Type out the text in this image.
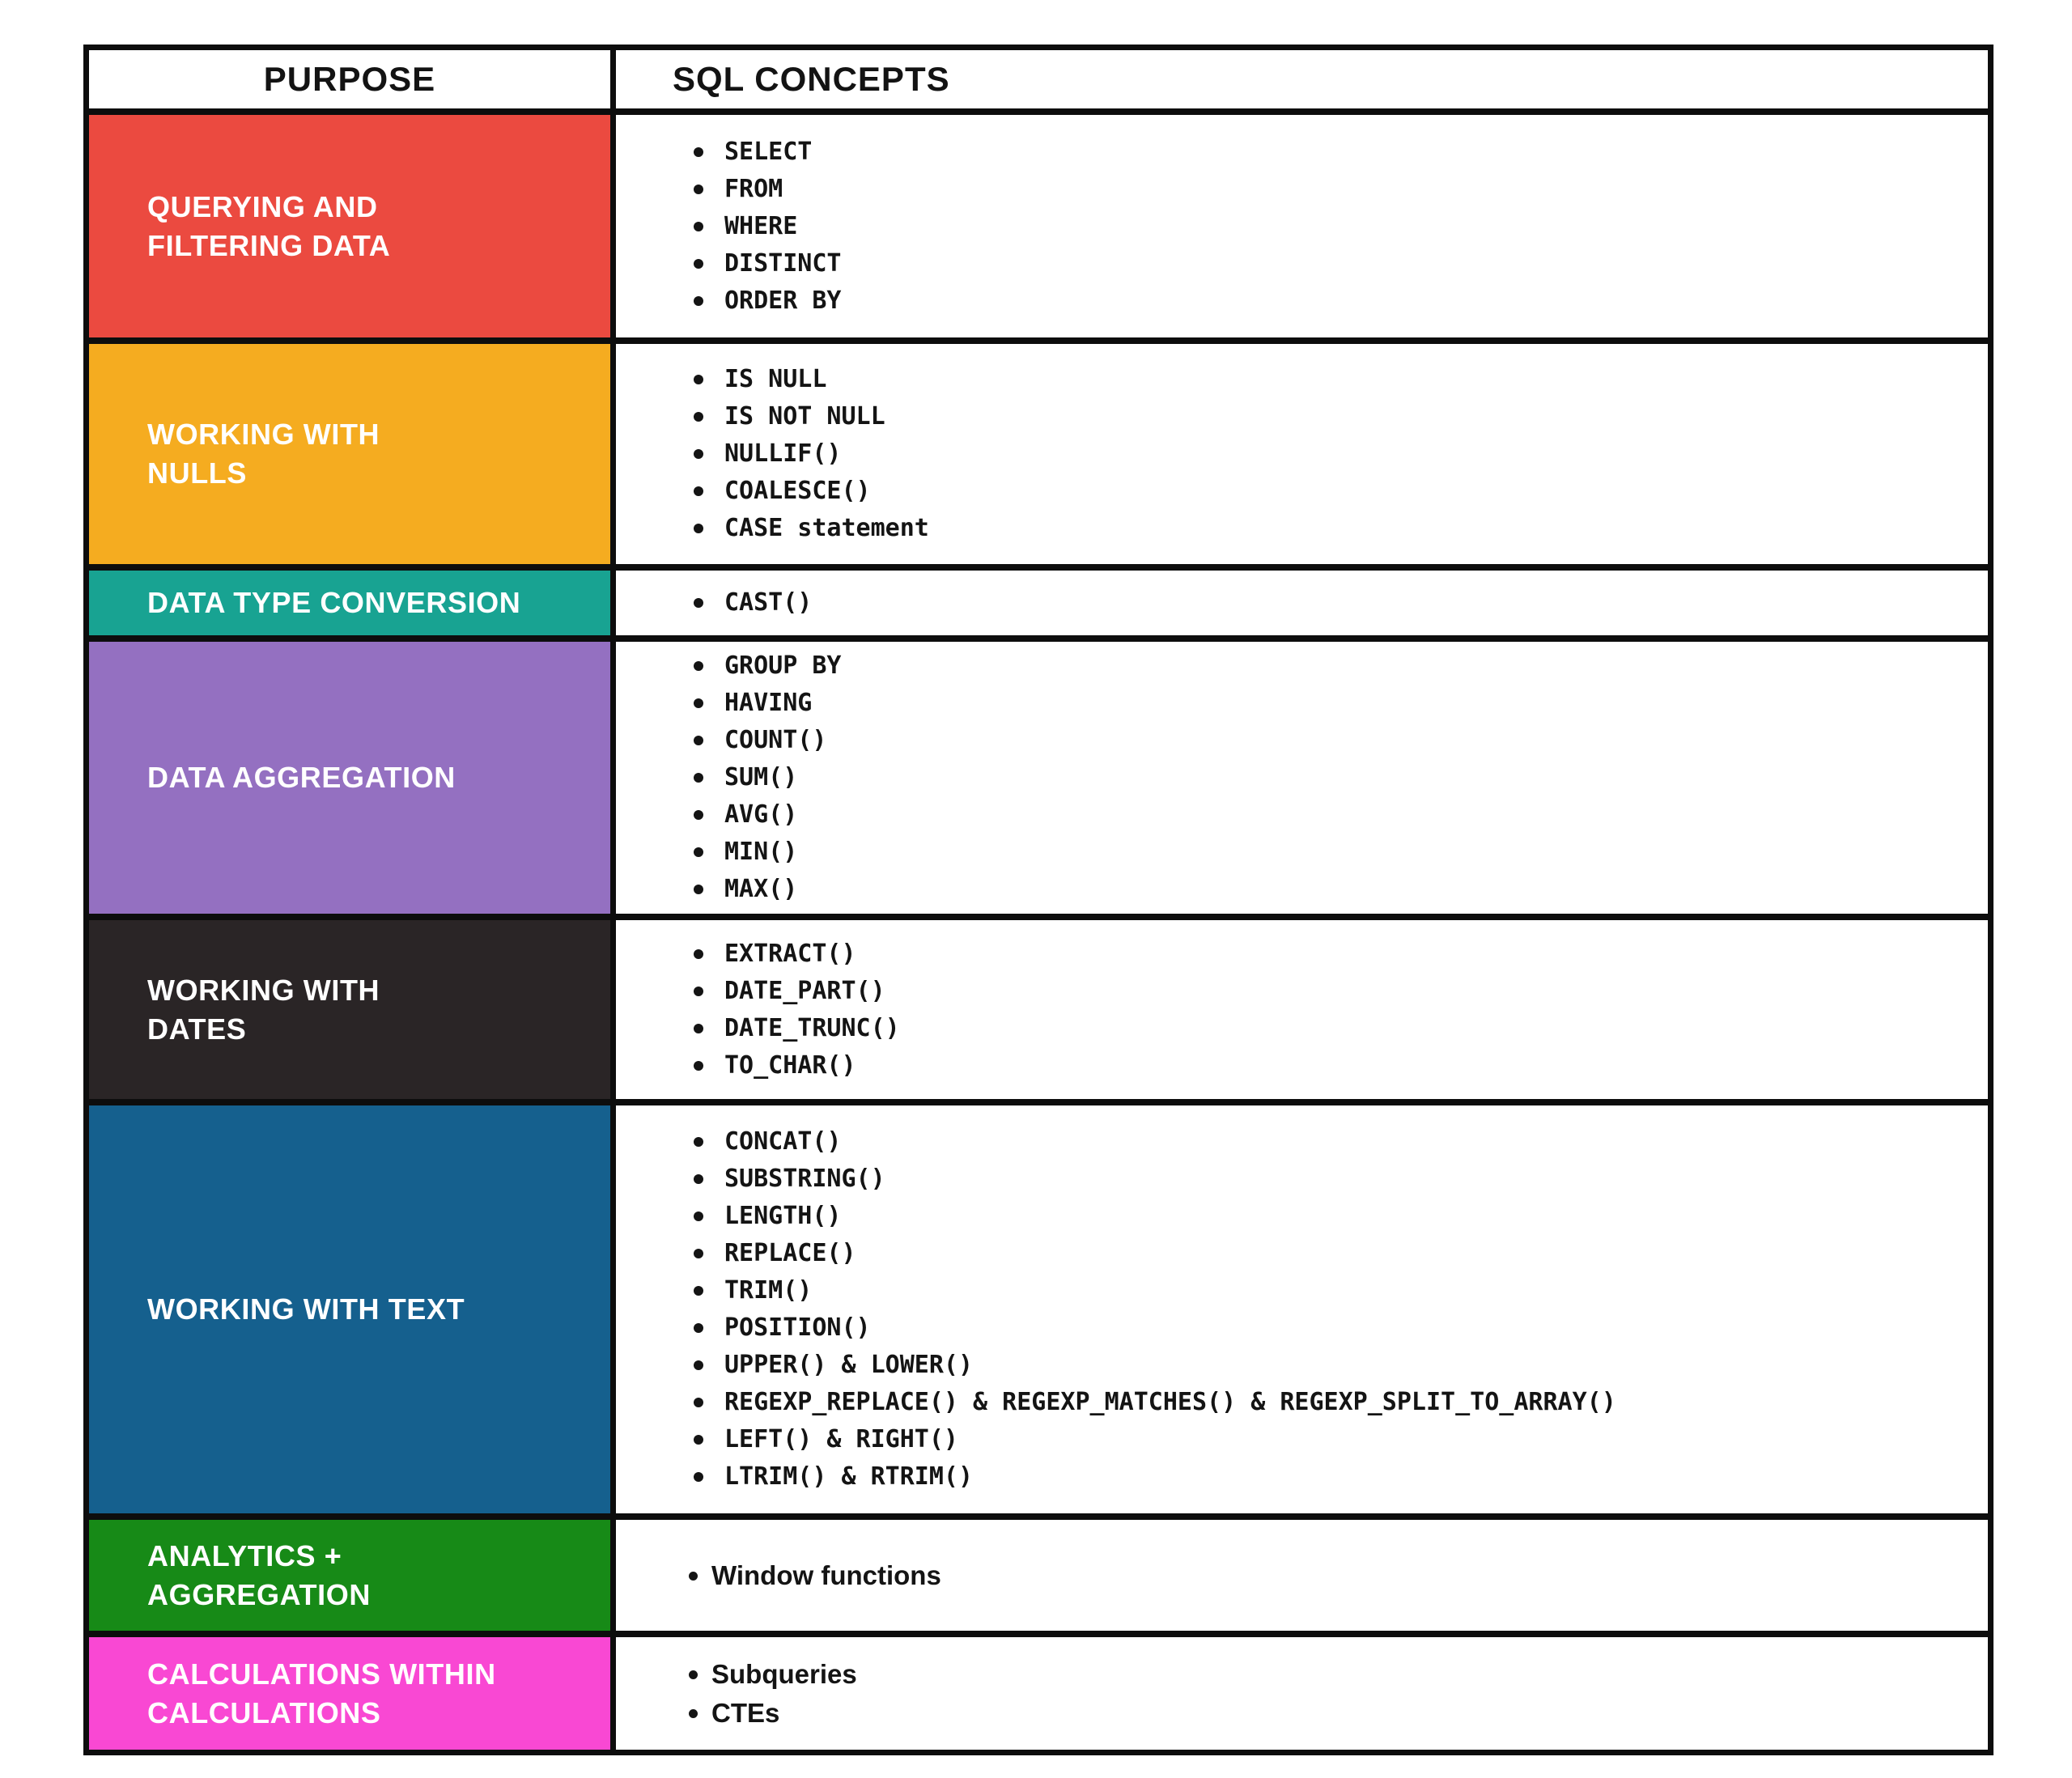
PURPOSE	SQL CONCEPTS
QUERYING AND
FILTERING DATA
SELECT
FROM
WHERE
DISTINCT
ORDER BY
WORKING WITH
NULLS
IS NULL
IS NOT NULL
NULLIF()
COALESCE()
CASE statement
DATA TYPE CONVERSION	CAST()
DATA AGGREGATION
GROUP BY
HAVING
COUNT()
SUM()
AVG()
MIN()
MAX()
WORKING WITH
DATES
EXTRACT()
DATE_PART()
DATE_TRUNC()
TO_CHAR()
WORKING WITH TEXT
CONCAT()
SUBSTRING()
LENGTH()
REPLACE()
TRIM()
POSITION()
UPPER() & LOWER()
REGEXP_REPLACE() & REGEXP_MATCHES() & REGEXP_SPLIT_TO_ARRAY()
LEFT() & RIGHT()
LTRIM() & RTRIM()
ANALYTICS +
AGGREGATION
Window functions
CALCULATIONS WITHIN
CALCULATIONS
Subqueries
CTEs
